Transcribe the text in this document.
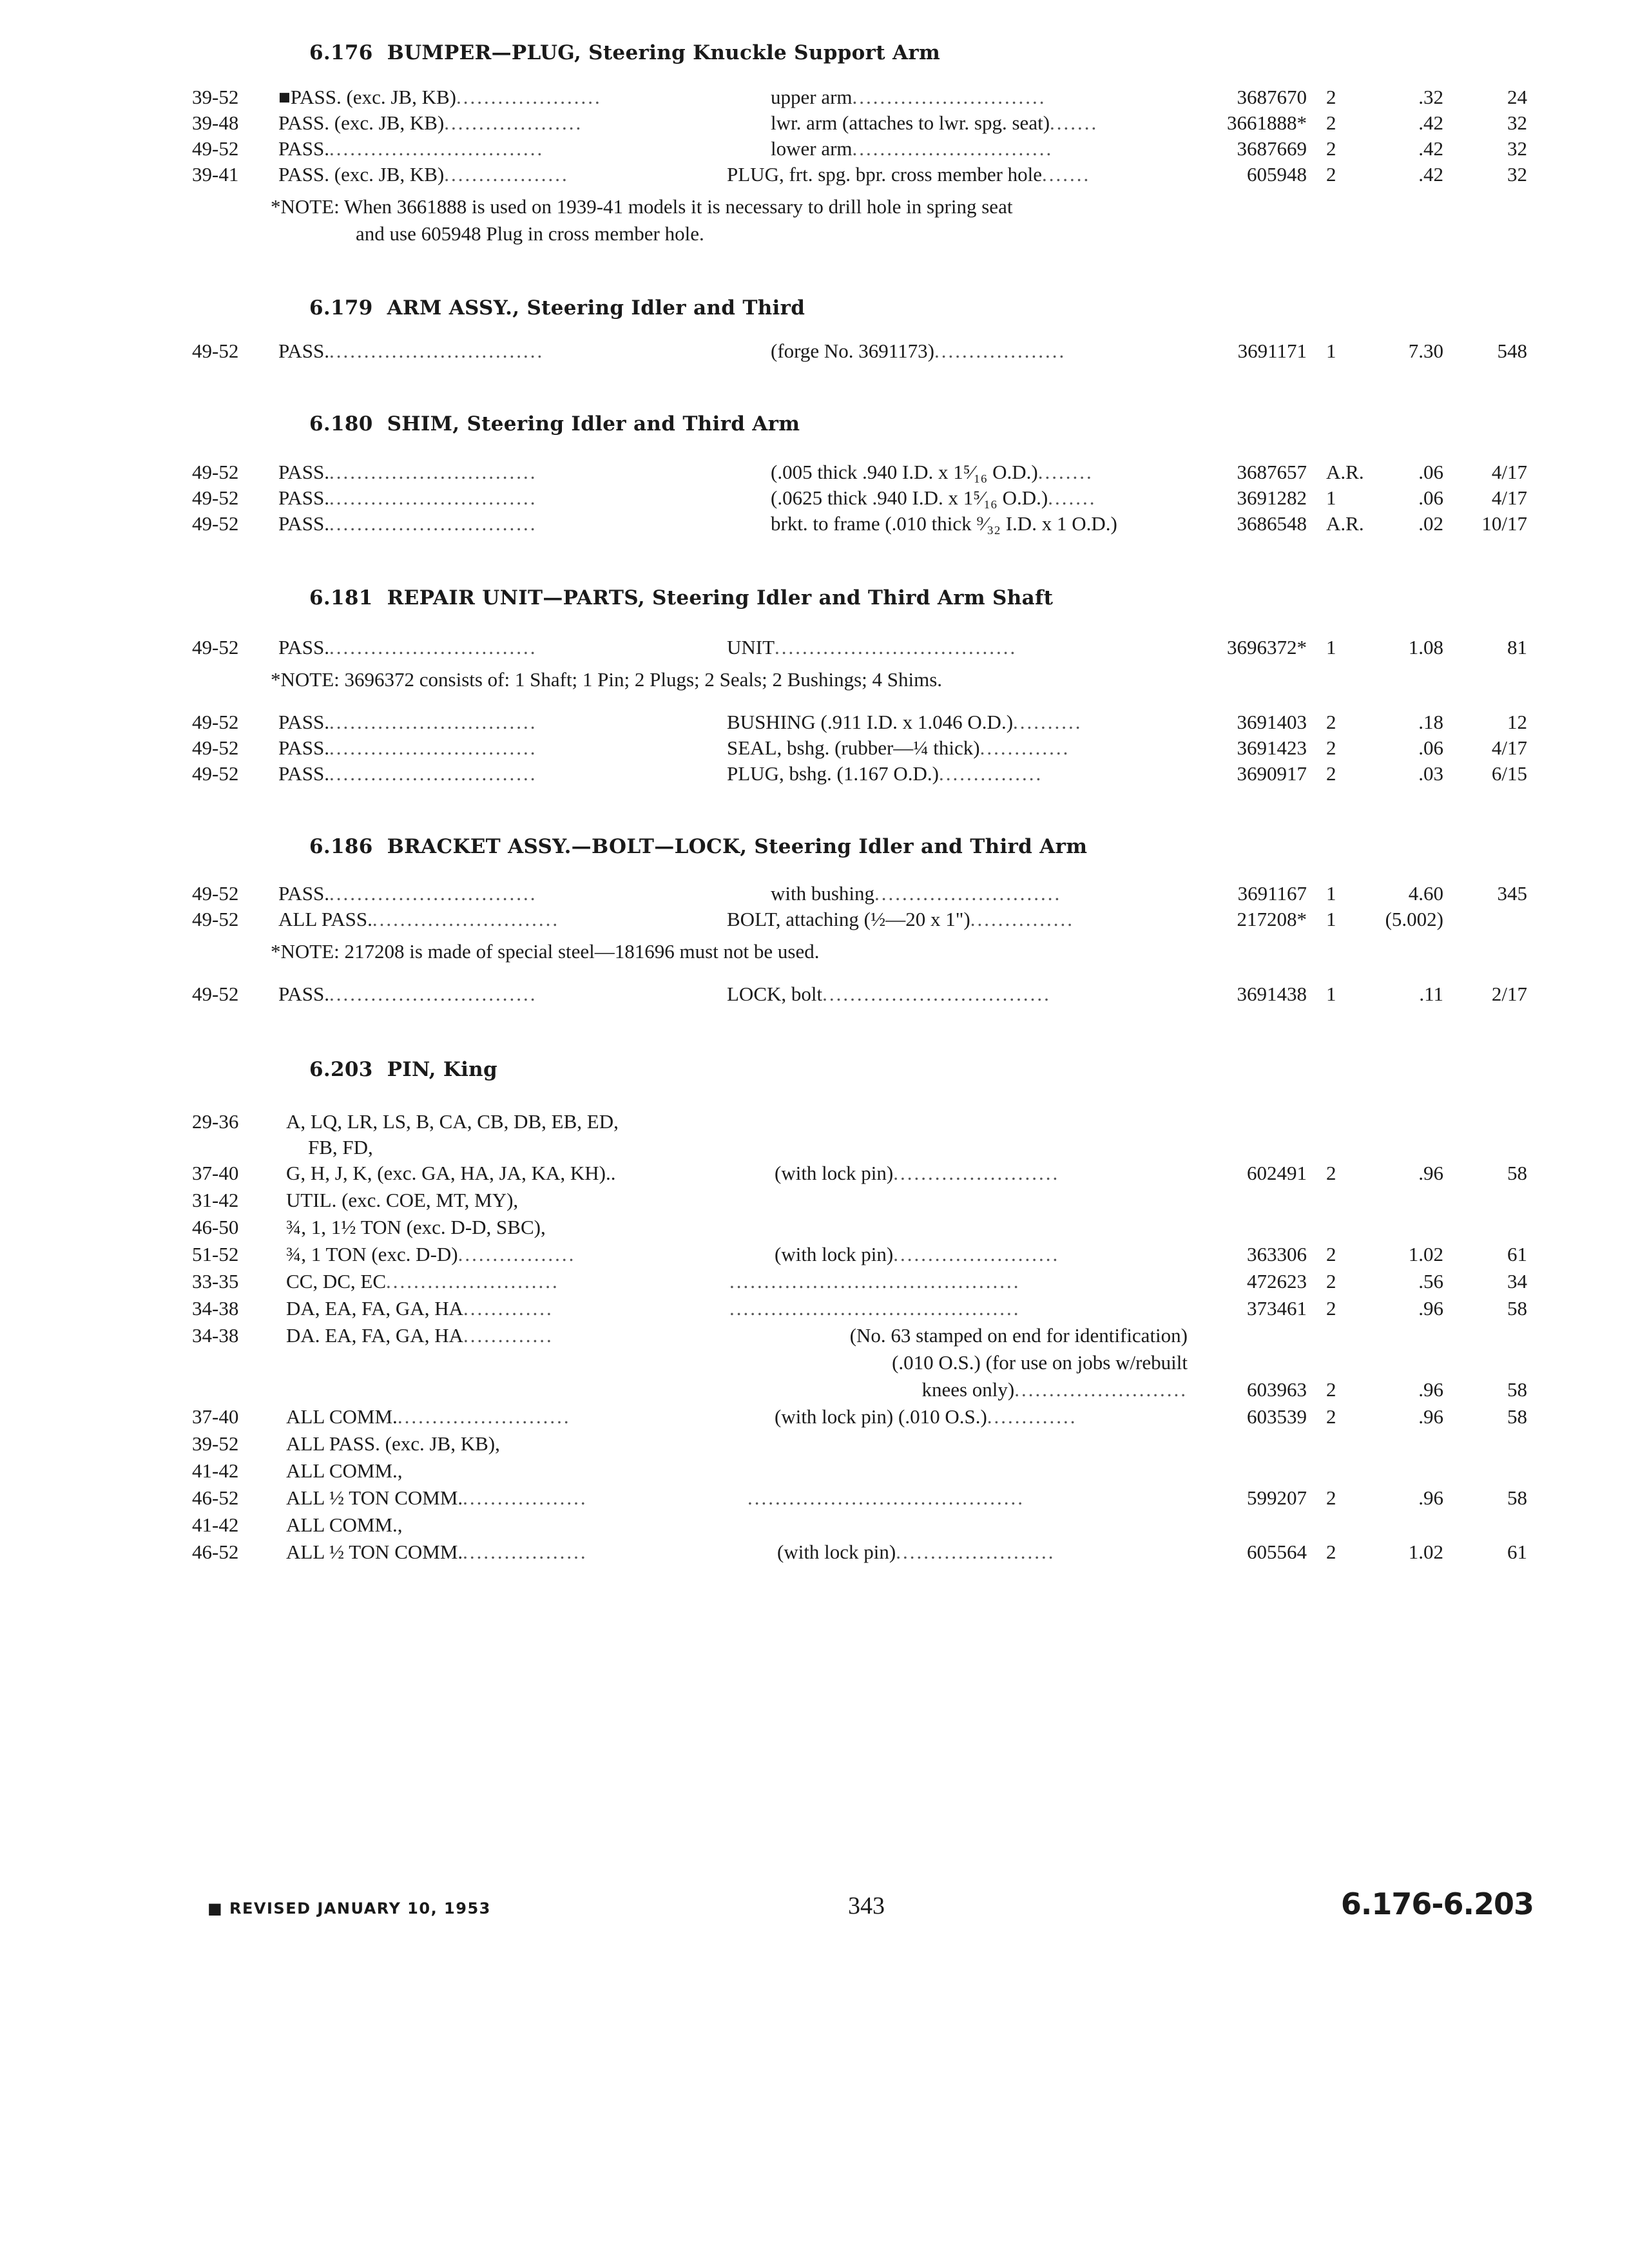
6.176 BUMPER—PLUG, Steering Knuckle Support Arm
39-52 ■PASS. (exc. JB, KB).....................	upper arm............................	3687670 2	.32	24
39-48 PASS. (exc. JB, KB)....................	lwr. arm (attaches to lwr. spg. seat).......	3661888* 2	.42	32
49-52 PASS................................	lower arm.............................	3687669 2	.42	32
39-41 PASS. (exc. JB, KB)..................	PLUG, frt. spg. bpr. cross member hole.......	605948 2	.42	32
*NOTE: When 3661888 is used on 1939-41 models it is necessary to drill hole in spring seat
and use 605948 Plug in cross member hole.
6.179 ARM ASSY., Steering Idler and Third
49-52 PASS................................	(forge No. 3691173)...................	3691171 1	7.30	548
6.180 SHIM, Steering Idler and Third Arm
49-52 PASS...............................	(.005 thick .940 I.D. x 1⁵⁄₁₆ O.D.)........	3687657 A.R.	.06 4/17
49-52 PASS...............................	(.0625 thick .940 I.D. x 1⁵⁄₁₆ O.D.).......	3691282 1	.06 4/17
49-52 PASS...............................	brkt. to frame (.010 thick ⁹⁄₃₂ I.D. x 1 O.D.)	3686548 A.R.	.02 10/17
6.181 REPAIR UNIT—PARTS, Steering Idler and Third Arm Shaft
49-52 PASS...............................	UNIT...................................	3696372* 1	1.08	81
*NOTE: 3696372 consists of: 1 Shaft; 1 Pin; 2 Plugs; 2 Seals; 2 Bushings; 4 Shims.
49-52 PASS...............................	BUSHING (.911 I.D. x 1.046 O.D.)..........	3691403 2	.18	12
49-52 PASS...............................	SEAL, bshg. (rubber—¼ thick).............	3691423 2	.06 4/17
49-52 PASS...............................	PLUG, bshg. (1.167 O.D.)...............	3690917 2	.03 6/15
6.186 BRACKET ASSY.—BOLT—LOCK, Steering Idler and Third Arm
49-52 PASS...............................	with bushing...........................	3691167 1	4.60	345
49-52 ALL PASS............................	BOLT, attaching (½—20 x 1")...............	217208* 1 (5.002)
*NOTE: 217208 is made of special steel—181696 must not be used.
49-52 PASS...............................	LOCK, bolt.................................	3691438 1	.11 2/17
6.203 PIN, King
29-36 A, LQ, LR, LS, B, CA, CB, DB, EB, ED,
FB, FD,
37-40 G, H, J, K, (exc. GA, HA, JA, KA, KH)..	(with lock pin)........................	602491 2	.96	58
31-42 UTIL. (exc. COE, MT, MY),
46-50 ¾, 1, 1½ TON (exc. D-D, SBC),
51-52 ¾, 1 TON (exc. D-D).................	(with lock pin)........................	363306 2	1.02	61
33-35 CC, DC, EC.........................	..........................................	472623 2	.56	34
34-38 DA, EA, FA, GA, HA.............	..........................................	373461 2	.96	58
34-38 DA. EA, FA, GA, HA.............	(No. 63 stamped on end for identification)
(.010 O.S.) (for use on jobs w/rebuilt
knees only).........................	603963 2	.96	58
37-40 ALL COMM..........................	(with lock pin) (.010 O.S.).............	603539 2	.96	58
39-52 ALL PASS. (exc. JB, KB),
41-42 ALL COMM.,
46-52 ALL ½ TON COMM...................	........................................	599207 2	.96	58
41-42 ALL COMM.,
46-52 ALL ½ TON COMM...................	(with lock pin).......................	605564 2	1.02	61
■ REVISED JANUARY 10, 1953	343	6.176-6.203
